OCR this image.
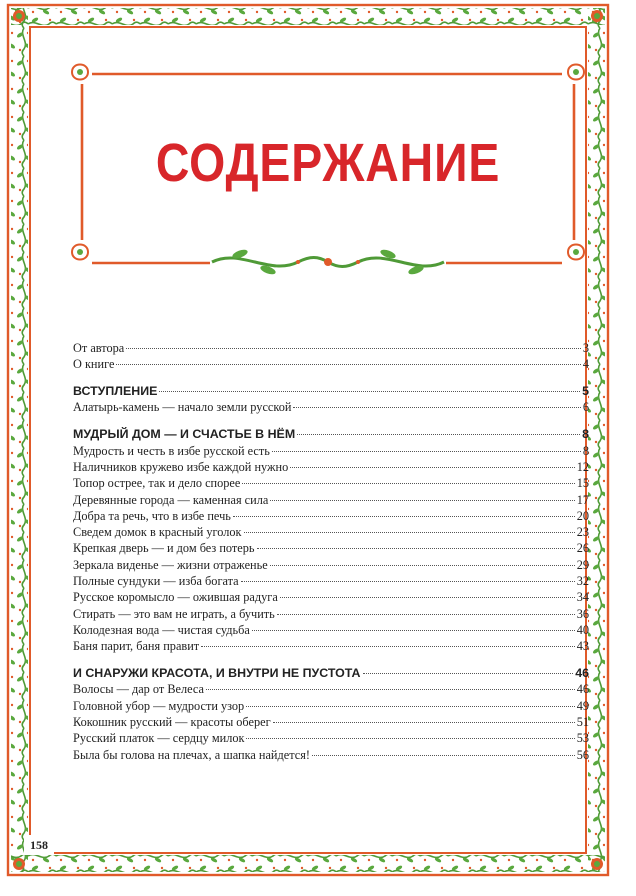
СОДЕРЖАНИЕ
От автора	3
О книге	4
ВСТУПЛЕНИЕ	5
Алатырь-камень — начало земли русской	6
МУДРЫЙ ДОМ — И СЧАСТЬЕ В НЁМ	8
Мудрость и честь в избе русской есть	8
Наличников кружево избе каждой нужно	12
Топор острее, так и дело спорее	15
Деревянные города — каменная сила	17
Добра та речь, что в избе печь	20
Сведем домок в красный уголок	23
Крепкая дверь — и дом без потерь	26
Зеркала виденье — жизни отраженье	29
Полные сундуки — изба богата	32
Русское коромысло — ожившая радуга	34
Стирать — это вам не играть, а бучить	36
Колодезная вода — чистая судьба	40
Баня парит, баня правит	43
И СНАРУЖИ КРАСОТА, И ВНУТРИ НЕ ПУСТОТА	46
Волосы — дар от Велеса	46
Головной убор — мудрости узор	49
Кокошник русский — красоты оберег	51
Русский платок — сердцу милок	53
Была бы голова на плечах, а шапка найдется!	56
158
